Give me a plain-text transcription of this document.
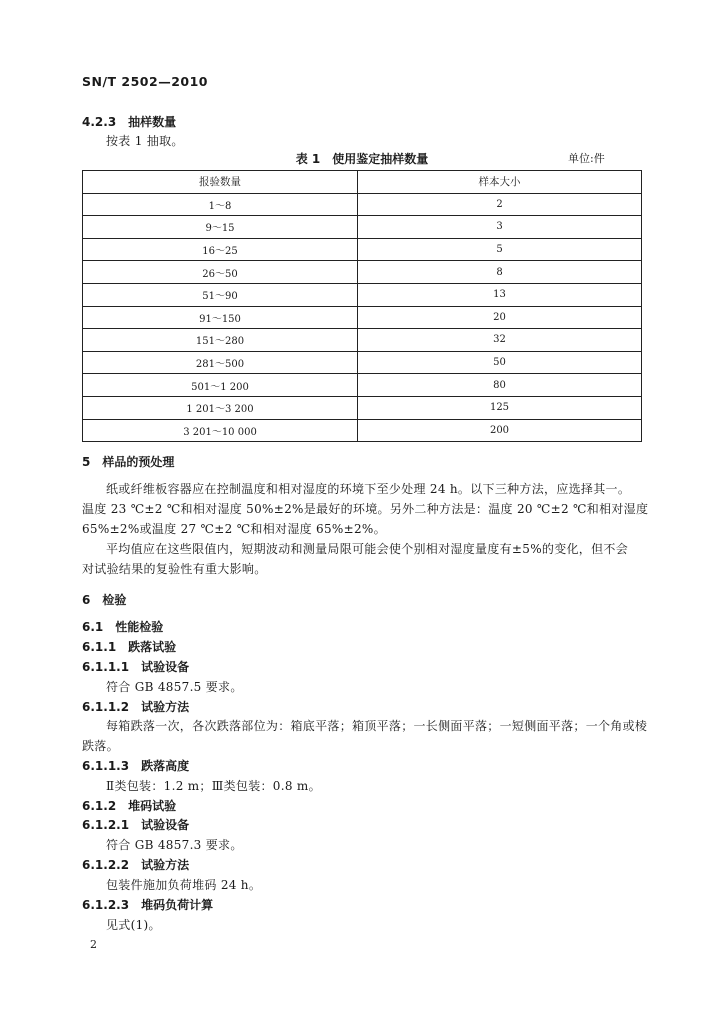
SN/T 2502—2010
4.2.3 抽样数量
按表 1 抽取。
表 1　使用鉴定抽样数量	单位:件
报验数量	样本大小
1～8	2
9～15	3
16～25	5
26～50	8
51～90	13
91～150	20
151～280	32
281～500	50
501～1 200	80
1 201～3 200	125
3 201～10 000	200
5 样品的预处理
纸或纤维板容器应在控制温度和相对湿度的环境下至少处理 24 h。以下三种方法，应选择其一。
温度 23 ℃±2 ℃和相对湿度 50%±2%是最好的环境。另外二种方法是：温度 20 ℃±2 ℃和相对湿度
65%±2%或温度 27 ℃±2 ℃和相对湿度 65%±2%。
平均值应在这些限值内，短期波动和测量局限可能会使个别相对湿度量度有±5%的变化，但不会
对试验结果的复验性有重大影响。
6 检验
6.1 性能检验
6.1.1 跌落试验
6.1.1.1 试验设备
符合 GB 4857.5 要求。
6.1.1.2 试验方法
每箱跌落一次，各次跌落部位为：箱底平落；箱顶平落；一长侧面平落；一短侧面平落；一个角或棱
跌落。
6.1.1.3 跌落高度
Ⅱ类包装：1.2 m；Ⅲ类包装：0.8 m。
6.1.2 堆码试验
6.1.2.1 试验设备
符合 GB 4857.3 要求。
6.1.2.2 试验方法
包装件施加负荷堆码 24 h。
6.1.2.3 堆码负荷计算
见式(1)。
2
